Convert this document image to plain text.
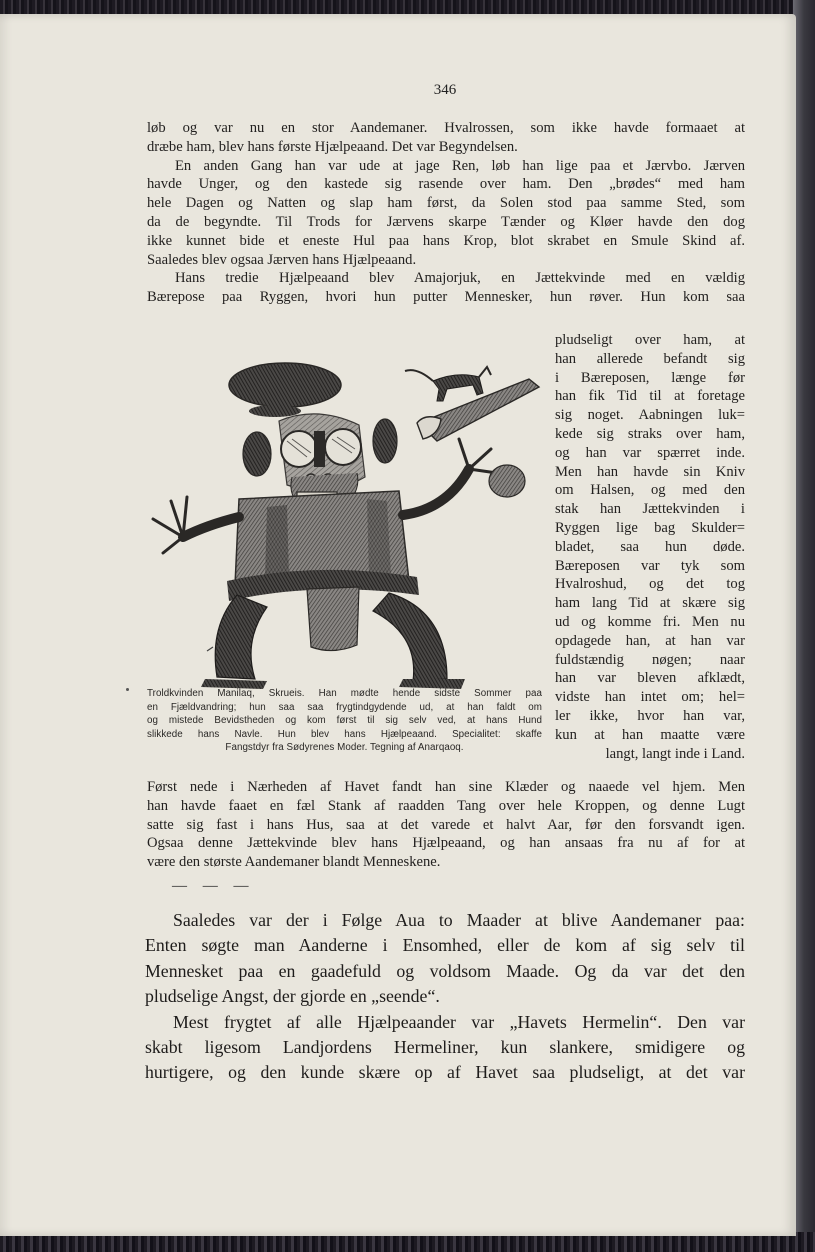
346

løb og var nu en stor Aandemaner. Hvalrossen, som ikke havde formaaet at
dræbe ham, blev hans første Hjælpeaand. Det var Begyndelsen.

En anden Gang han var ude at jage Ren, løb han lige paa et Jærvbo. Jærven
havde Unger, og den kastede sig rasende over ham. Den „brødes“ med ham
hele Dagen og Natten og slap ham først, da Solen stod paa samme Sted, som
da de begyndte. Til Trods for Jærvens skarpe Tænder og Kløer havde den dog
ikke kunnet bide et eneste Hul paa hans Krop, blot skrabet en Smule Skind af.
Saaledes blev ogsaa Jærven hans Hjælpeaand.

Hans tredie Hjælpeaand blev Amajorjuk, en Jættekvinde med en vældig
Bærepose paa Ryggen, hvori hun putter Mennesker, hun røver. Hun kom saa

pludseligt over ham, at
han allerede befandt sig
i Bæreposen, længe før
han fik Tid til at foretage
sig noget. Aabningen luk=
kede sig straks over ham,
og han var spærret inde.
Men han havde sin Kniv
om Halsen, og med den
stak han Jættekvinden i
Ryggen lige bag Skulder=
bladet, saa hun døde.
Bæreposen var tyk som
Hvalroshud, og det tog
ham lang Tid at skære sig
ud og komme fri. Men nu
opdagede han, at han var
fuldstændig nøgen; naar
han var bleven afklædt,
vidste han intet om; hel=
ler ikke, hvor han var,
kun at han maatte være
langt, langt inde i Land.
Troldkvinden Manilaq, Skrueis. Han mødte hende sidste Sommer paa
en Fjældvandring; hun saa saa frygtindgydende ud, at han faldt om
og mistede Bevidstheden og kom først til sig selv ved, at hans Hund
slikkede hans Navle. Hun blev hans Hjælpeaand. Specialitet: skaffe
Fangstdyr fra Sødyrenes Moder. Tegning af Anarqaoq.

Først nede i Nærheden af Havet fandt han sine Klæder og naaede vel hjem. Men
han havde faaet en fæl Stank af raadden Tang over hele Kroppen, og denne Lugt
satte sig fast i hans Hus, saa at det varede et halvt Aar, før den forsvandt igen.
Ogsaa denne Jættekvinde blev hans Hjælpeaand, og han ansaas fra nu af for at
være den største Aandemaner blandt Menneskene.

— — —

Saaledes var der i Følge Aua to Maader at blive Aandemaner paa:
Enten søgte man Aanderne i Ensomhed, eller de kom af sig selv til
Mennesket paa en gaadefuld og voldsom Maade. Og da var det den
pludselige Angst, der gjorde en „seende“.

Mest frygtet af alle Hjælpeaander var „Havets Hermelin“. Den var
skabt ligesom Landjordens Hermeliner, kun slankere, smidigere og
hurtigere, og den kunde skære op af Havet saa pludseligt, at det var
